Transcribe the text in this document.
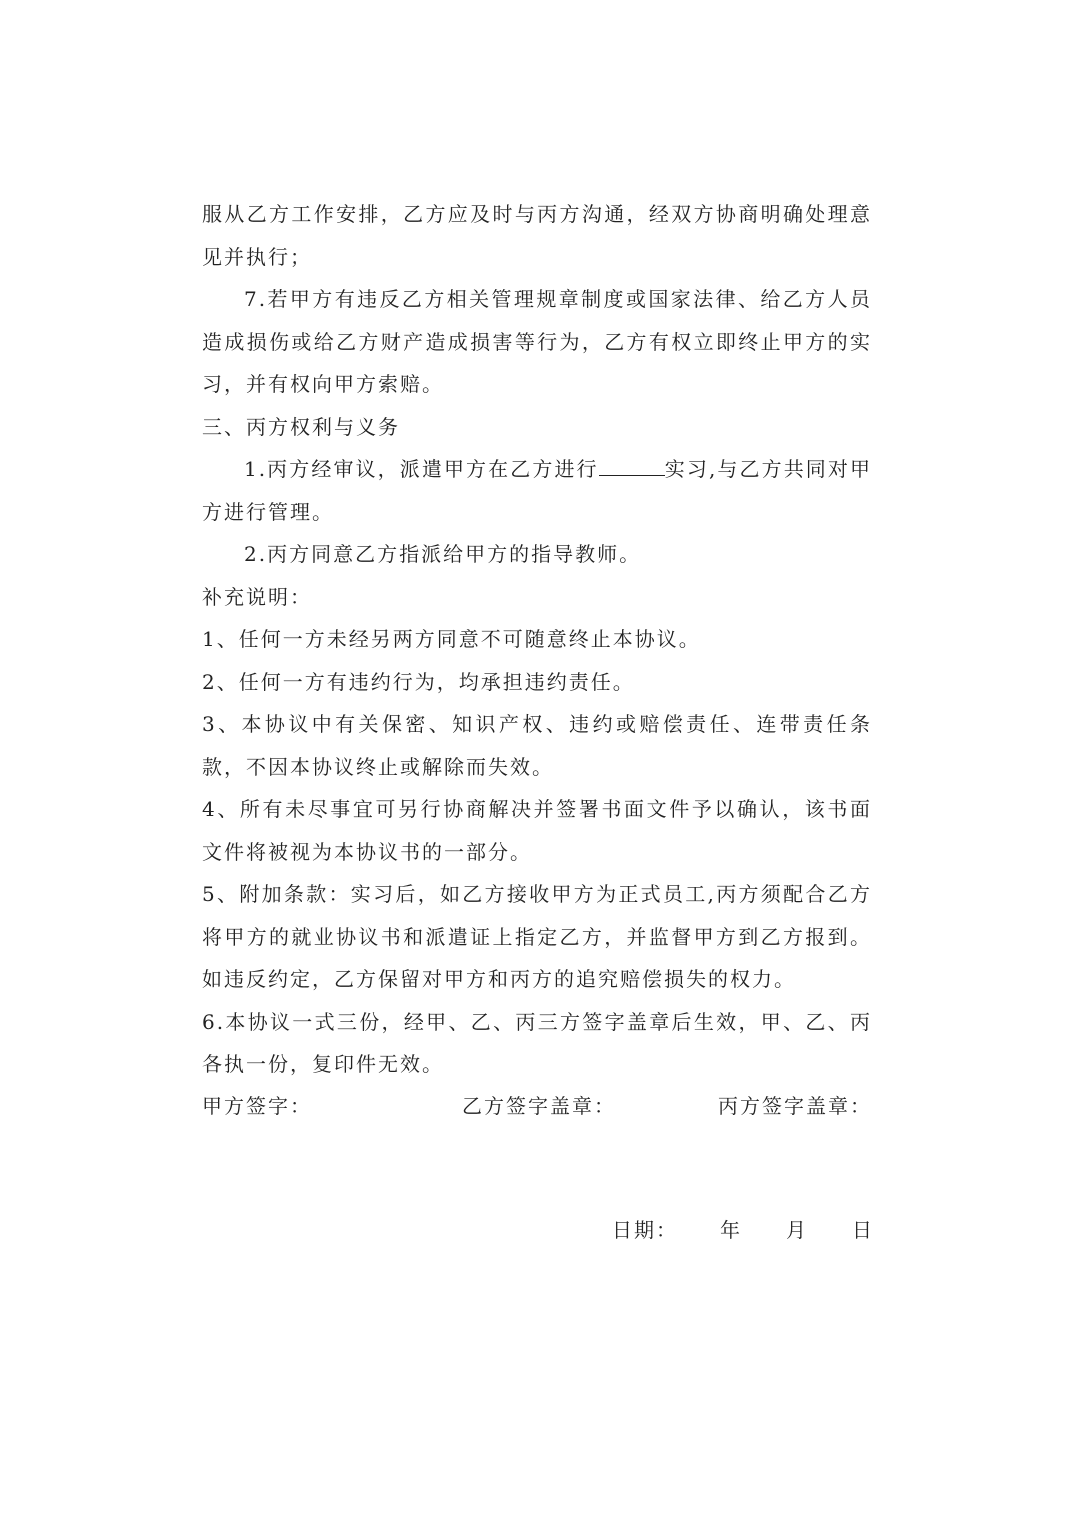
服从乙方工作安排，乙方应及时与丙方沟通，经双方协商明确处理意见并执行；

7.若甲方有违反乙方相关管理规章制度或国家法律、给乙方人员造成损伤或给乙方财产造成损害等行为，乙方有权立即终止甲方的实习，并有权向甲方索赔。

三、丙方权利与义务

1.丙方经审议，派遣甲方在乙方进行	实习,与乙方共同对甲方进行管理。

2.丙方同意乙方指派给甲方的指导教师。

补充说明：

1、任何一方未经另两方同意不可随意终止本协议。

2、任何一方有违约行为，均承担违约责任。

3、本协议中有关保密、知识产权、违约或赔偿责任、连带责任条款，不因本协议终止或解除而失效。

4、所有未尽事宜可另行协商解决并签署书面文件予以确认，该书面文件将被视为本协议书的一部分。

5、附加条款：实习后，如乙方接收甲方为正式员工,丙方须配合乙方将甲方的就业协议书和派遣证上指定乙方，并监督甲方到乙方报到。如违反约定，乙方保留对甲方和丙方的追究赔偿损失的权力。

6.本协议一式三份，经甲、乙、丙三方签字盖章后生效，甲、乙、丙各执一份，复印件无效。

甲方签字：	乙方签字盖章：	丙方签字盖章：
日期： 年 月 日
